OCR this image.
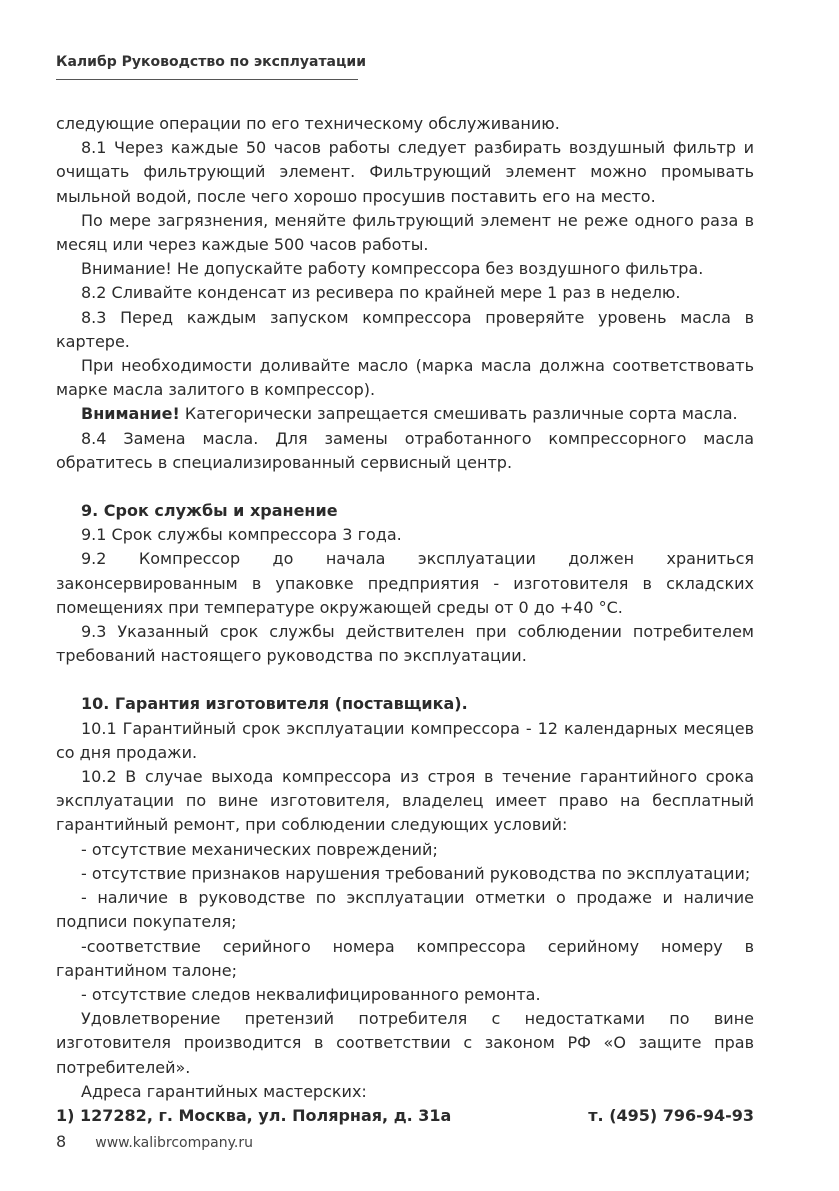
Калибр Руководство по эксплуатации

следующие операции по его техническому обслуживанию.

8.1 Через каждые 50 часов работы следует разбирать воздушный фильтр и очищать фильтрующий элемент. Фильтрующий элемент можно промывать мыльной водой, после чего хорошо просушив поставить его на место.

По мере загрязнения, меняйте фильтрующий элемент не реже одного раза в месяц или через каждые 500 часов работы.

Внимание! Не допускайте работу компрессора без воздушного фильтра.

8.2 Сливайте конденсат из ресивера по крайней мере 1 раз в неделю.

8.3 Перед каждым запуском компрессора проверяйте уровень масла в картере.

При необходимости доливайте масло (марка масла должна соответствовать марке масла залитого в компрессор).

Внимание! Категорически запрещается смешивать различные сорта масла.

8.4 Замена масла. Для замены отработанного компрессорного масла обратитесь в специализированный сервисный центр.

9. Срок службы и хранение

9.1 Срок службы компрессора 3 года.

9.2 Компрессор до начала эксплуатации должен храниться законсервированным в упаковке предприятия - изготовителя в складских помещениях при температуре окружающей среды от 0 до +40 °С.

9.3 Указанный срок службы действителен при соблюдении потребителем требований настоящего руководства по эксплуатации.

10. Гарантия изготовителя (поставщика).

10.1 Гарантийный срок эксплуатации компрессора - 12 календарных месяцев со дня продажи.

10.2 В случае выхода компрессора из строя в течение гарантийного срока эксплуатации по вине изготовителя, владелец имеет право на бесплатный гарантийный ремонт, при соблюдении следующих условий:

- отсутствие механических повреждений;

- отсутствие признаков нарушения требований руководства по эксплуатации;

- наличие в руководстве по эксплуатации отметки о продаже и наличие подписи покупателя;

-соответствие серийного номера компрессора серийному номеру в гарантийном талоне;

- отсутствие следов неквалифицированного ремонта.

Удовлетворение претензий потребителя с недостатками по вине изготовителя производится в соответствии с законом РФ «О защите прав потребителей».

Адреса гарантийных мастерских:

1) 127282, г. Москва, ул. Полярная, д. 31а	т. (495) 796-94-93
8 www.kalibrcompany.ru
